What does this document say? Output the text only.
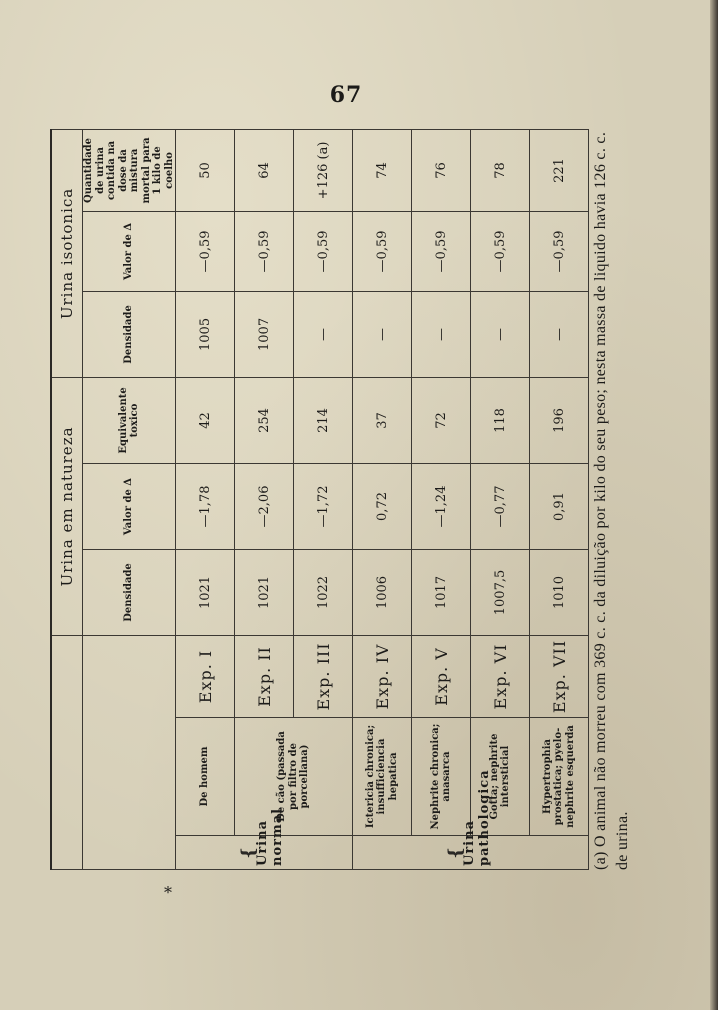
67
*
			Urina em natureza			Urina isotonica		
			Densidade	Valor de Δ	Equivalente toxico	Densidade	Valor de Δ	Quantidade de urina contida na dose da mistura mortal para 1 kilo de coelho

{
Urina normal	De homem	Exp. I	1021	—1,78	42	1005	—0,59	50
	De cão (passada por filtro de porcellana)	Exp. II	1021	—2,06	254	1007	—0,59	64
		Exp. III	1022	—1,72	214	—	—0,59	+126 (a)

{
Urina pathologica	Ictericia chronica; insufficiencia hepatica	Exp. IV	1006	0,72	37	—	—0,59	74
	Nephrite chronica; anasarca	Exp. V	1017	—1,24	72	—	—0,59	76
	Gotta; nephrite intersticial	Exp. VI	1007,5	—0,77	118	—	—0,59	78
	Hypertrophia prostatica; pyelo-nephrite esquerda	Exp. VII	1010	0,91	196	—	—0,59	221 (a) O animal não morreu com 369 c. c. da diluição por kilo do seu peso; nesta massa de liquido havia 126 c. c. de urina.
